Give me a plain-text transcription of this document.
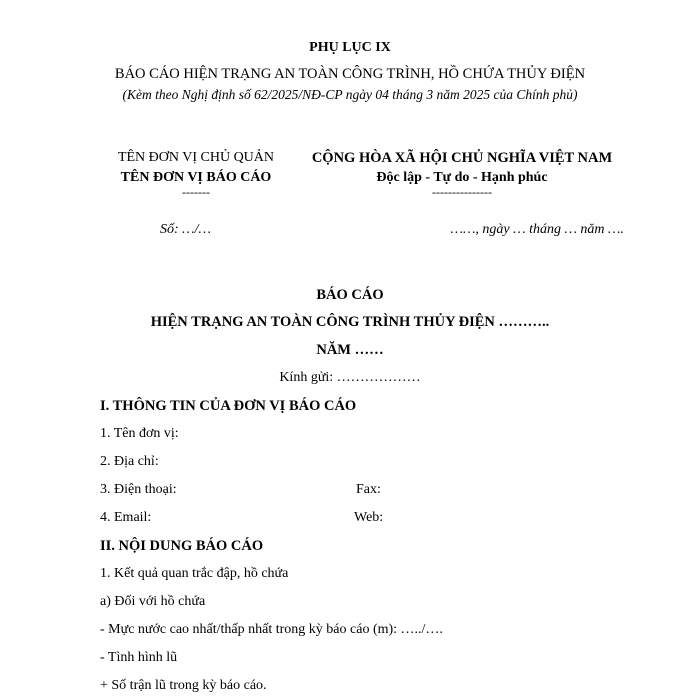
PHỤ LỤC IX
BÁO CÁO HIỆN TRẠNG AN TOÀN CÔNG TRÌNH, HỒ CHỨA THỦY ĐIỆN
(Kèm theo Nghị định số 62/2025/NĐ-CP ngày 04 tháng 3 năm 2025 của Chính phủ)
TÊN ĐƠN VỊ CHỦ QUẢN
TÊN ĐƠN VỊ BÁO CÁO
-------
Số: …/…
CỘNG HÒA XÃ HỘI CHỦ NGHĨA VIỆT NAM
Độc lập - Tự do - Hạnh phúc
---------------
……, ngày … tháng … năm ….
BÁO CÁO
HIỆN TRẠNG AN TOÀN CÔNG TRÌNH THỦY ĐIỆN ………..
NĂM ……
Kính gửi: ………………
I. THÔNG TIN CỦA ĐƠN VỊ BÁO CÁO
1. Tên đơn vị:
2. Địa chỉ:
3. Điện thoại:	Fax:
4. Email:	Web:
II. NỘI DUNG BÁO CÁO
1. Kết quả quan trắc đập, hồ chứa
a) Đối với hồ chứa
- Mực nước cao nhất/thấp nhất trong kỳ báo cáo (m): …../….
- Tình hình lũ
+ Số trận lũ trong kỳ báo cáo.
